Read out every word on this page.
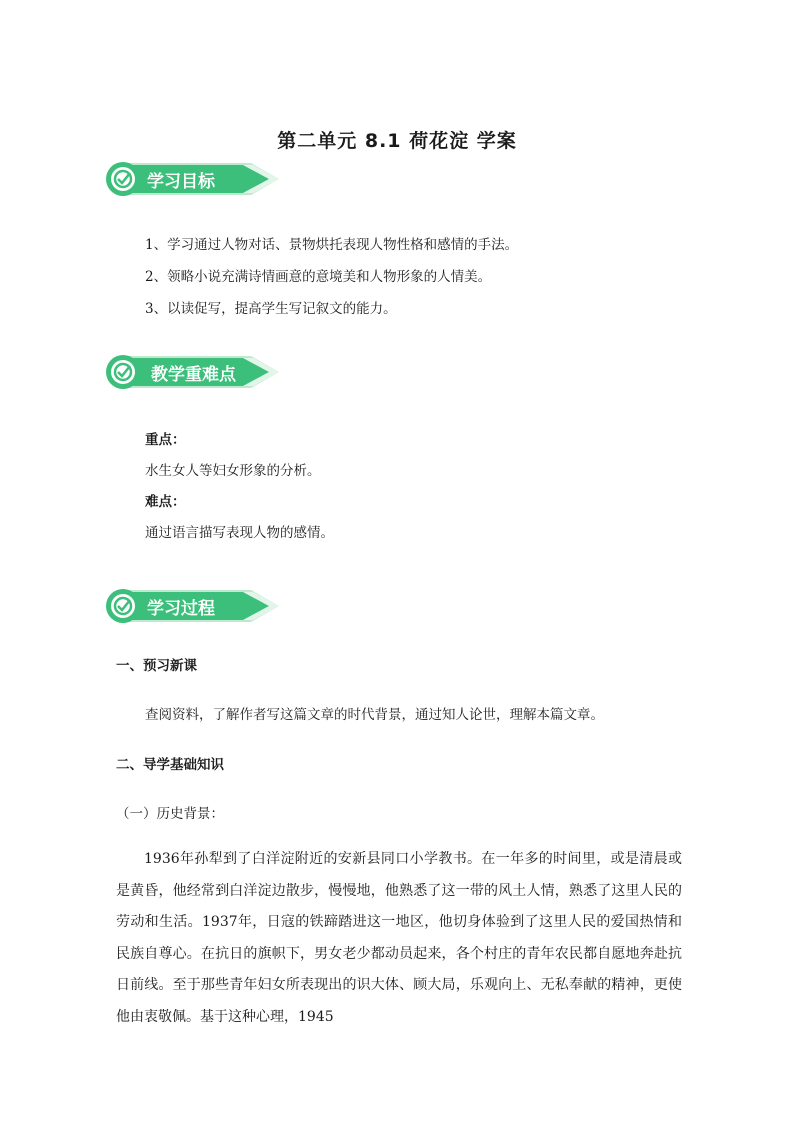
第二单元 8.1 荷花淀 学案
学习目标
1、学习通过人物对话、景物烘托表现人物性格和感情的手法。
2、领略小说充满诗情画意的意境美和人物形象的人情美。
3、以读促写，提高学生写记叙文的能力。
教学重难点
重点：
水生女人等妇女形象的分析。
难点：
通过语言描写表现人物的感情。
学习过程
一、预习新课
查阅资料，了解作者写这篇文章的时代背景，通过知人论世，理解本篇文章。
二、导学基础知识
（一）历史背景：

1936年孙犁到了白洋淀附近的安新县同口小学教书。在一年多的时间里，或是清晨或是黄昏，他经常到白洋淀边散步，慢慢地，他熟悉了这一带的风土人情，熟悉了这里人民的劳动和生活。1937年，日寇的铁蹄踏进这一地区，他切身体验到了这里人民的爱国热情和民族自尊心。在抗日的旗帜下，男女老少都动员起来，各个村庄的青年农民都自愿地奔赴抗日前线。至于那些青年妇女所表现出的识大体、顾大局，乐观向上、无私奉献的精神，更使他由衷敬佩。基于这种心理，1945
